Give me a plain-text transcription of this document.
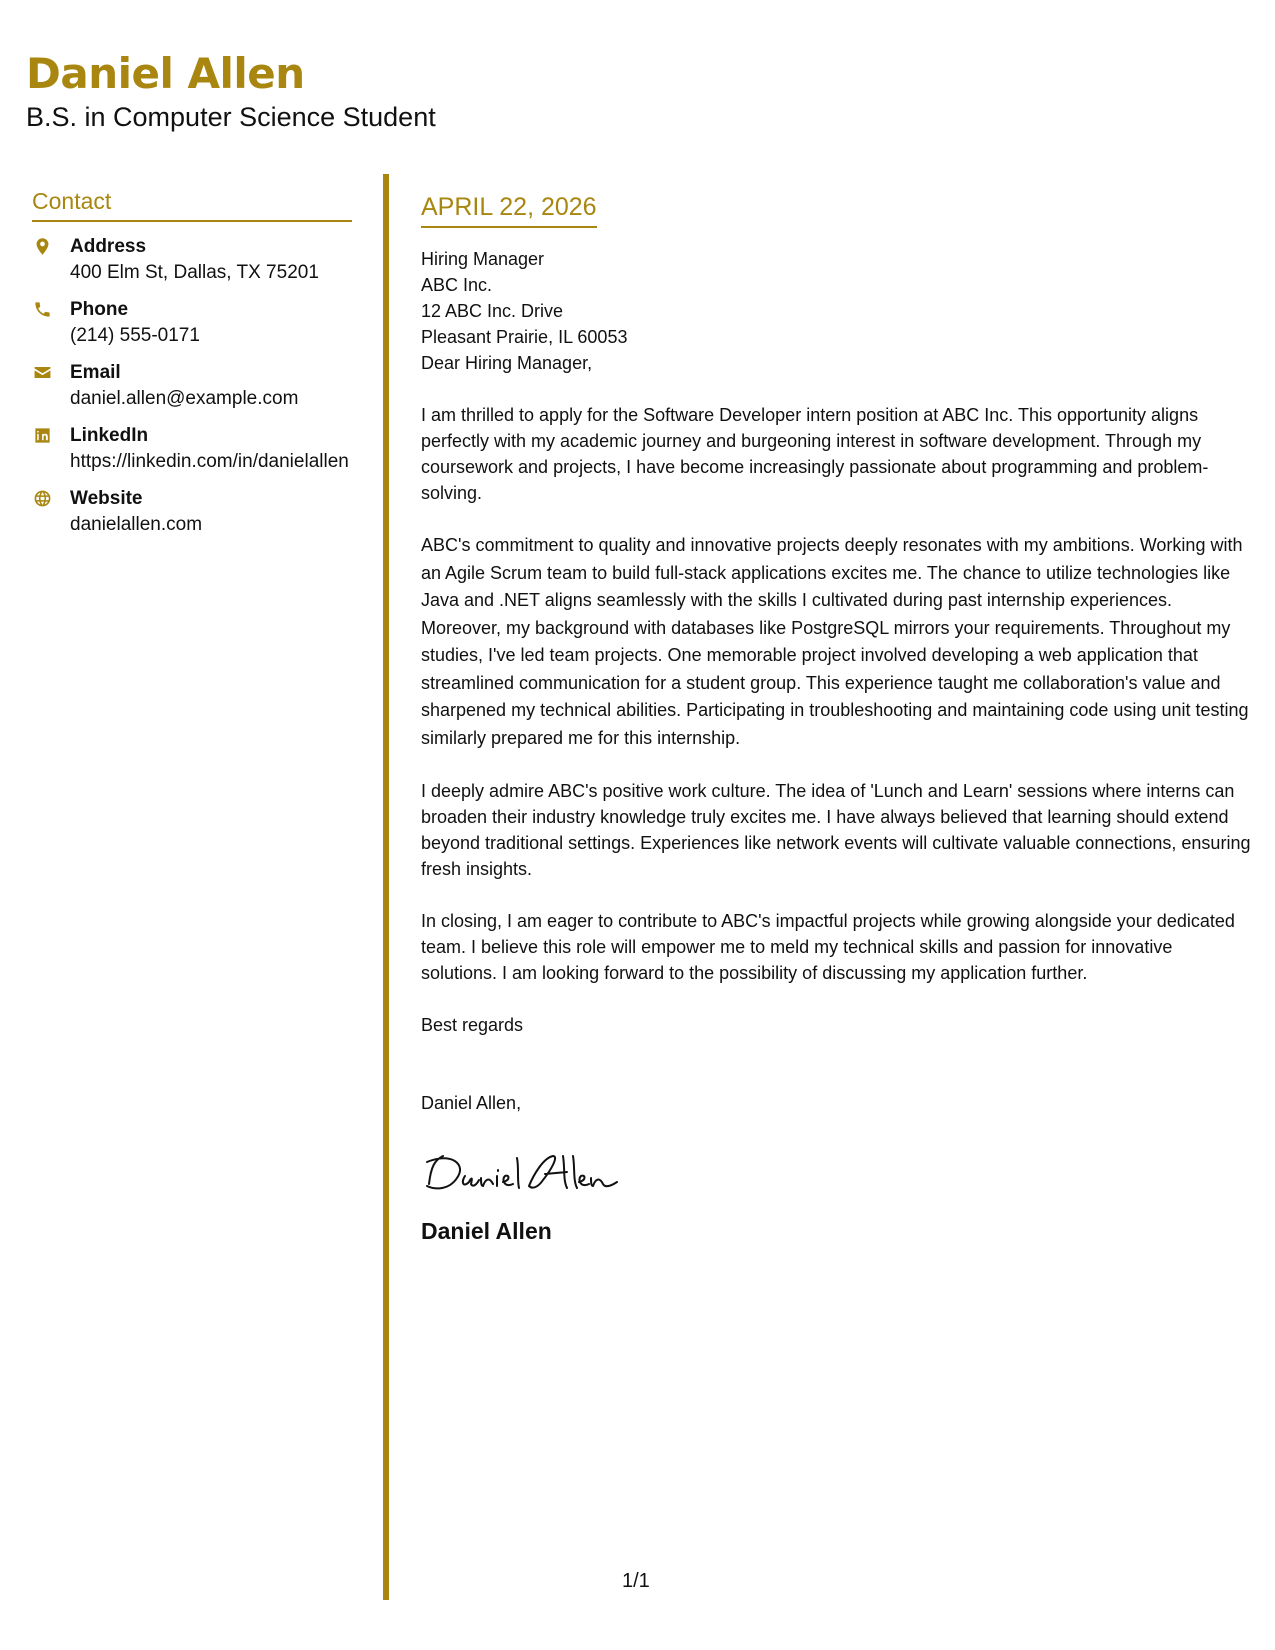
Daniel Allen

B.S. in Computer Science Student

Contact
Address
400 Elm St, Dallas, TX 75201
Phone
(214) 555-0171
Email
daniel.allen@example.com
LinkedIn
https://linkedin.com/in/danielallen
Website
danielallen.com
APRIL 22, 2026
Hiring Manager
ABC Inc.
12 ABC Inc. Drive
Pleasant Prairie, IL 60053
Dear Hiring Manager,

I am thrilled to apply for the Software Developer intern position at ABC Inc. This opportunity aligns perfectly with my academic journey and burgeoning interest in software development. Through my coursework and projects, I have become increasingly passionate about programming and problem-solving.

ABC's commitment to quality and innovative projects deeply resonates with my ambitions. Working with an Agile Scrum team to build full-stack applications excites me. The chance to utilize technologies like Java and .NET aligns seamlessly with the skills I cultivated during past internship experiences. Moreover, my background with databases like PostgreSQL mirrors your requirements. Throughout my studies, I've led team projects. One memorable project involved developing a web application that streamlined communication for a student group. This experience taught me collaboration's value and sharpened my technical abilities. Participating in troubleshooting and maintaining code using unit testing similarly prepared me for this internship.

I deeply admire ABC's positive work culture. The idea of 'Lunch and Learn' sessions where interns can broaden their industry knowledge truly excites me. I have always believed that learning should extend beyond traditional settings. Experiences like network events will cultivate valuable connections, ensuring fresh insights.

In closing, I am eager to contribute to ABC's impactful projects while growing alongside your dedicated team. I believe this role will empower me to meld my technical skills and passion for innovative solutions. I am looking forward to the possibility of discussing my application further.

Best regards

Daniel Allen,

Daniel Allen
1/1
